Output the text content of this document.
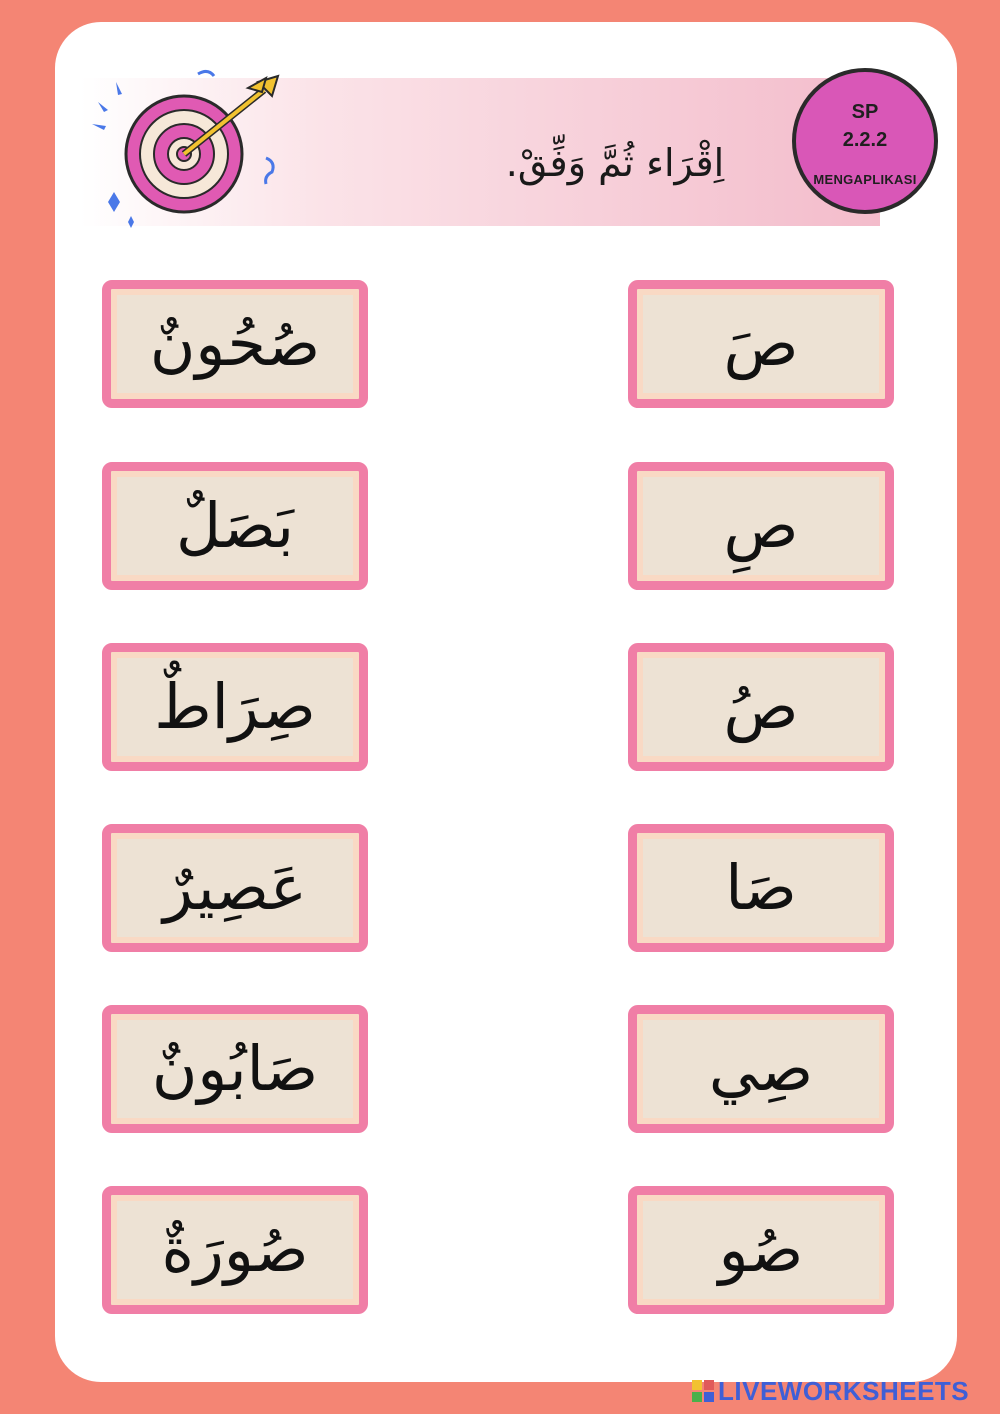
اِقْرَاء ثُمَّ وَفِّقْ.
SP
2.2.2
MENGAPLIKASI
صُحُونٌ
بَصَلٌ
صِرَاطٌ
عَصِيرٌ
صَابُونٌ
صُورَةٌ
صَ
صِ
صُ
صَا
صِي
صُو
LIVEWORKSHEETS
